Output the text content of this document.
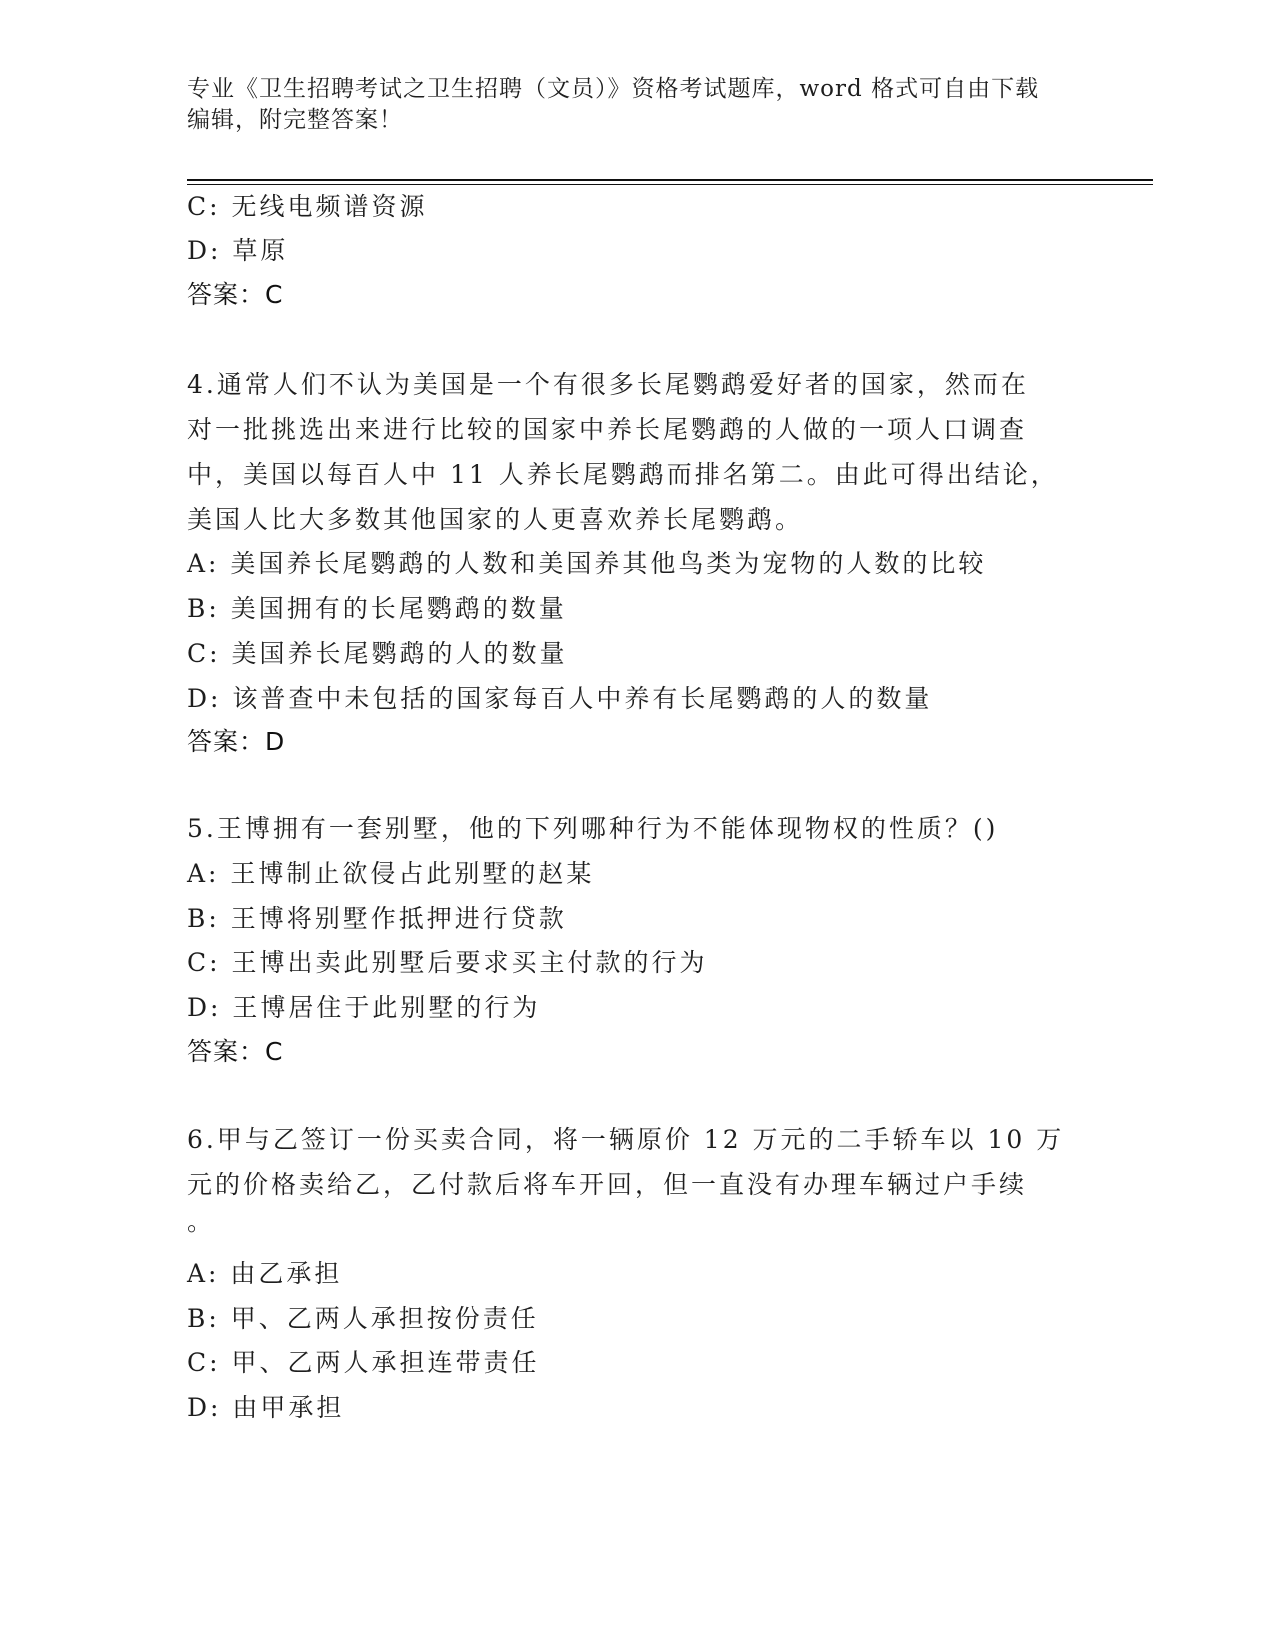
专业《卫生招聘考试之卫生招聘（文员）》资格考试题库，word 格式可自由下载
编辑，附完整答案！
C: 无线电频谱资源
D: 草原
答案：C
4.通常人们不认为美国是一个有很多长尾鹦鹉爱好者的国家，然而在
对一批挑选出来进行比较的国家中养长尾鹦鹉的人做的一项人口调查
中，美国以每百人中 11 人养长尾鹦鹉而排名第二。由此可得出结论，
美国人比大多数其他国家的人更喜欢养长尾鹦鹉。
A: 美国养长尾鹦鹉的人数和美国养其他鸟类为宠物的人数的比较
B: 美国拥有的长尾鹦鹉的数量
C: 美国养长尾鹦鹉的人的数量
D: 该普查中未包括的国家每百人中养有长尾鹦鹉的人的数量
答案：D
5.王博拥有一套别墅，他的下列哪种行为不能体现物权的性质？()
A: 王博制止欲侵占此别墅的赵某
B: 王博将别墅作抵押进行贷款
C: 王博出卖此别墅后要求买主付款的行为
D: 王博居住于此别墅的行为
答案：C
6.甲与乙签订一份买卖合同，将一辆原价 12 万元的二手轿车以 10 万
元的价格卖给乙，乙付款后将车开回，但一直没有办理车辆过户手续
。
A: 由乙承担
B: 甲、乙两人承担按份责任
C: 甲、乙两人承担连带责任
D: 由甲承担
